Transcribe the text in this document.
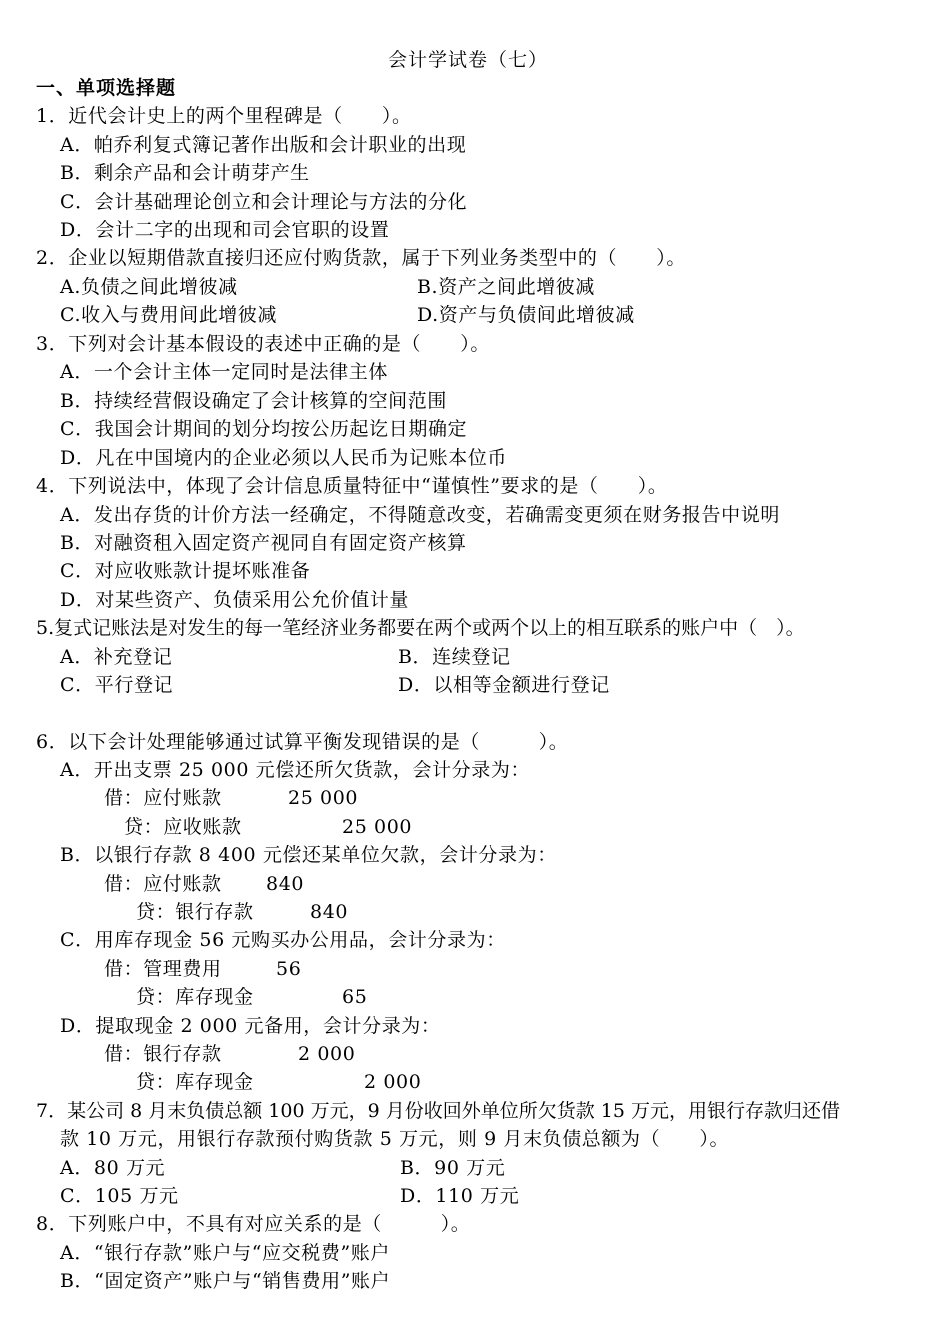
会计学试卷（七）
一、单项选择题
1．近代会计史上的两个里程碑是（　　）。
A．帕乔利复式簿记著作出版和会计职业的出现
B．剩余产品和会计萌芽产生
C．会计基础理论创立和会计理论与方法的分化
D．会计二字的出现和司会官职的设置
2．企业以短期借款直接归还应付购货款，属于下列业务类型中的（　　）。
A.负债之间此增彼减	B.资产之间此增彼减
C.收入与费用间此增彼减	D.资产与负债间此增彼减
3．下列对会计基本假设的表述中正确的是（　　）。
A．一个会计主体一定同时是法律主体
B．持续经营假设确定了会计核算的空间范围
C．我国会计期间的划分均按公历起讫日期确定
D．凡在中国境内的企业必须以人民币为记账本位币
4．下列说法中，体现了会计信息质量特征中“谨慎性”要求的是（　　）。
A．发出存货的计价方法一经确定，不得随意改变，若确需变更须在财务报告中说明
B．对融资租入固定资产视同自有固定资产核算
C．对应收账款计提坏账准备
D．对某些资产、负债采用公允价值计量
5.复式记账法是对发生的每一笔经济业务都要在两个或两个以上的相互联系的账户中（　）。
A．补充登记	B．连续登记
C．平行登记	D．以相等金额进行登记
6．以下会计处理能够通过试算平衡发现错误的是（　　　）。
A．开出支票 25 000 元偿还所欠货款，会计分录为：
借：应付账款	25 000
贷：应收账款	25 000
B．以银行存款 8 400 元偿还某单位欠款，会计分录为：
借：应付账款 840
贷：银行存款	840
C．用库存现金 56 元购买办公用品，会计分录为：
借：管理费用	56
贷：库存现金	65
D．提取现金 2 000 元备用，会计分录为：
借：银行存款	2 000
贷：库存现金	2 000
7．某公司 8 月末负债总额 100 万元，9 月份收回外单位所欠货款 15 万元，用银行存款归还借
款 10 万元，用银行存款预付购货款 5 万元，则 9 月末负债总额为（　　）。
A．80 万元	B．90 万元
C．105 万元	D．110 万元
8．下列账户中，不具有对应关系的是（　　　）。
A．“银行存款”账户与“应交税费”账户
B．“固定资产”账户与“销售费用”账户
